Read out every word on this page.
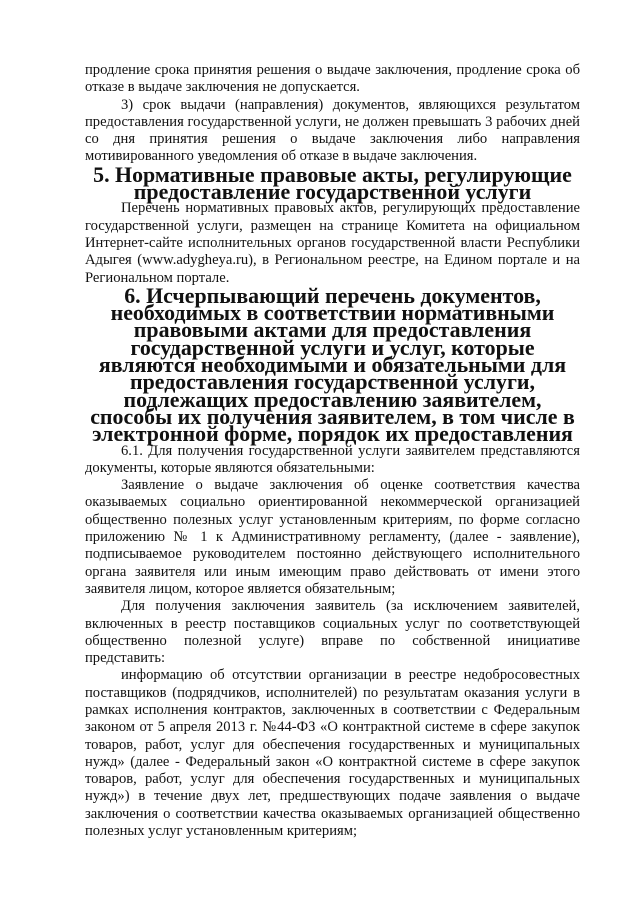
продление срока принятия решения о выдаче заключения, продление срока об отказе в выдаче заключения не допускается.

3) срок выдачи (направления) документов, являющихся результатом предоставления государственной услуги, не должен превышать 3 рабочих дней со дня принятия решения о выдаче заключения либо направления мотивированного уведомления об отказе в выдаче заключения.

5. Нормативные правовые акты, регулирующие предоставление государственной услуги

Перечень нормативных правовых актов, регулирующих предоставление государственной услуги, размещен на странице Комитета на официальном Интернет-сайте исполнительных органов государственной власти Республики Адыгея (www.adygheya.ru), в Региональном реестре, на Едином портале и на Региональном портале.

6. Исчерпывающий перечень документов, необходимых в соответствии нормативными правовыми актами для предоставления государственной услуги и услуг, которые являются необходимыми и обязательными для предоставления государственной услуги, подлежащих предоставлению заявителем, способы их получения заявителем, в том числе в электронной форме, порядок их предоставления

6.1. Для получения государственной услуги заявителем представляются документы, которые являются обязательными:

Заявление о выдаче заключения об оценке соответствия качества оказываемых социально ориентированной некоммерческой организацией общественно полезных услуг установленным критериям, по форме согласно приложению № 1 к Административному регламенту, (далее - заявление), подписываемое руководителем постоянно действующего исполнительного органа заявителя или иным имеющим право действовать от имени этого заявителя лицом, которое является обязательным;

Для получения заключения заявитель (за исключением заявителей, включенных в реестр поставщиков социальных услуг по соответствующей общественно полезной услуге) вправе по собственной инициативе представить:

информацию об отсутствии организации в реестре недобросовестных поставщиков (подрядчиков, исполнителей) по результатам оказания услуги в рамках исполнения контрактов, заключенных в соответствии с Федеральным законом от 5 апреля 2013 г. №44-ФЗ «О контрактной системе в сфере закупок товаров, работ, услуг для обеспечения государственных и муниципальных нужд» (далее - Федеральный закон «О контрактной системе в сфере закупок товаров, работ, услуг для обеспечения государственных и муниципальных нужд») в течение двух лет, предшествующих подаче заявления о выдаче заключения о соответствии качества оказываемых организацией общественно полезных услуг установленным критериям;
